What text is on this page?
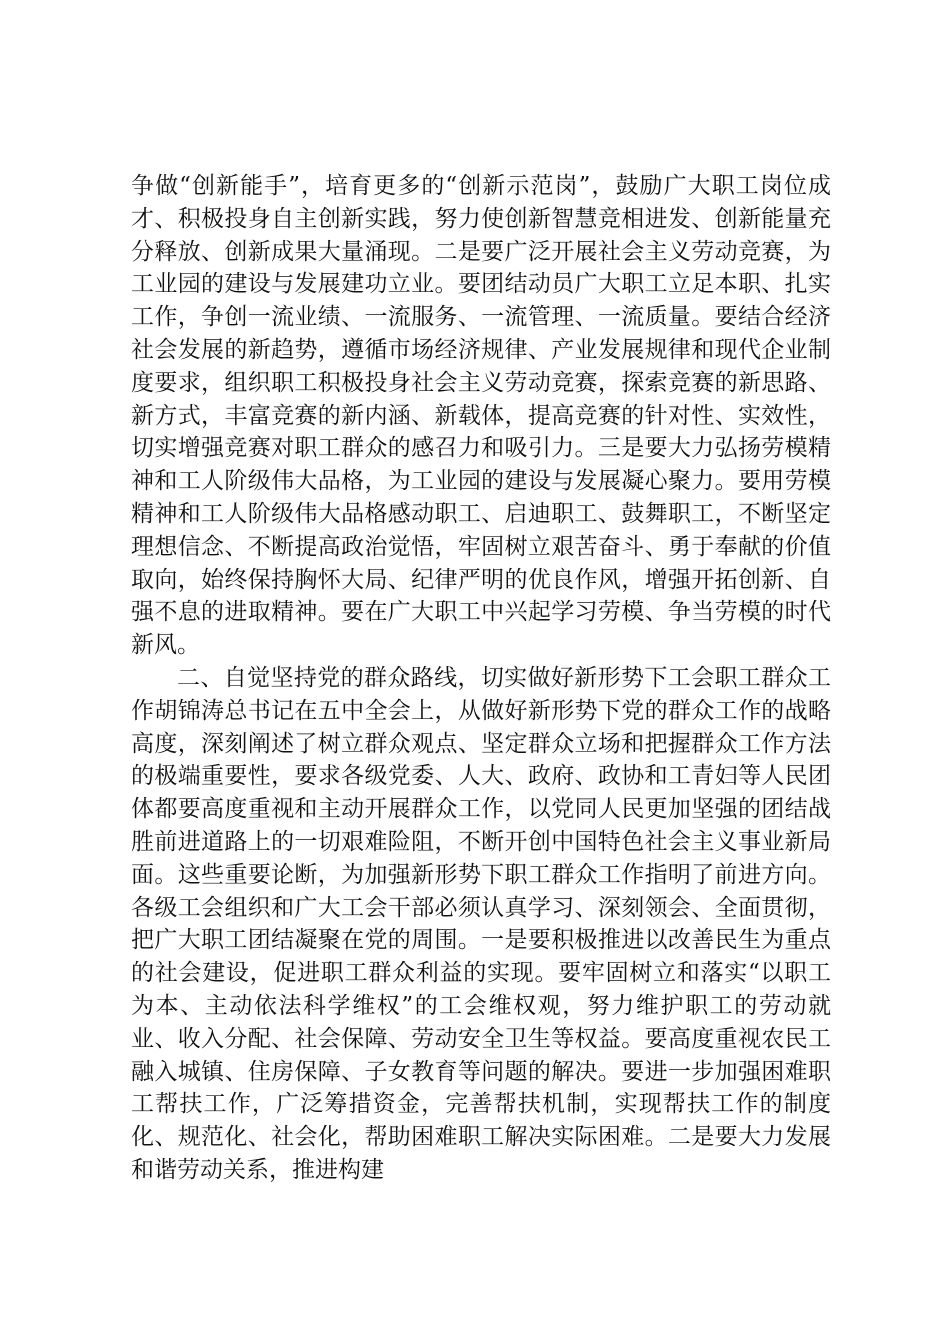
争做“创新能手”，培育更多的“创新示范岗”，鼓励广大职工岗位成才、积极投身自主创新实践，努力使创新智慧竞相进发、创新能量充分释放、创新成果大量涌现。二是要广泛开展社会主义劳动竞赛，为工业园的建设与发展建功立业。要团结动员广大职工立足本职、扎实工作，争创一流业绩、一流服务、一流管理、一流质量。要结合经济社会发展的新趋势，遵循市场经济规律、产业发展规律和现代企业制度要求，组织职工积极投身社会主义劳动竞赛，探索竞赛的新思路、新方式，丰富竞赛的新内涵、新载体，提高竞赛的针对性、实效性，切实增强竞赛对职工群众的感召力和吸引力。三是要大力弘扬劳模精神和工人阶级伟大品格，为工业园的建设与发展凝心聚力。要用劳模精神和工人阶级伟大品格感动职工、启迪职工、鼓舞职工，不断坚定理想信念、不断提高政治觉悟，牢固树立艰苦奋斗、勇于奉献的价值取向，始终保持胸怀大局、纪律严明的优良作风，增强开拓创新、自强不息的进取精神。要在广大职工中兴起学习劳模、争当劳模的时代新风。

二、自觉坚持党的群众路线，切实做好新形势下工会职工群众工作胡锦涛总书记在五中全会上，从做好新形势下党的群众工作的战略高度，深刻阐述了树立群众观点、坚定群众立场和把握群众工作方法的极端重要性，要求各级党委、人大、政府、政协和工青妇等人民团体都要高度重视和主动开展群众工作，以党同人民更加坚强的团结战胜前进道路上的一切艰难险阻，不断开创中国特色社会主义事业新局面。这些重要论断，为加强新形势下职工群众工作指明了前进方向。各级工会组织和广大工会干部必须认真学习、深刻领会、全面贯彻，把广大职工团结凝聚在党的周围。一是要积极推进以改善民生为重点的社会建设，促进职工群众利益的实现。要牢固树立和落实“以职工为本、主动依法科学维权”的工会维权观，努力维护职工的劳动就业、收入分配、社会保障、劳动安全卫生等权益。要高度重视农民工融入城镇、住房保障、子女教育等问题的解决。要进一步加强困难职工帮扶工作，广泛筹措资金，完善帮扶机制，实现帮扶工作的制度化、规范化、社会化，帮助困难职工解决实际困难。二是要大力发展和谐劳动关系，推进构建
